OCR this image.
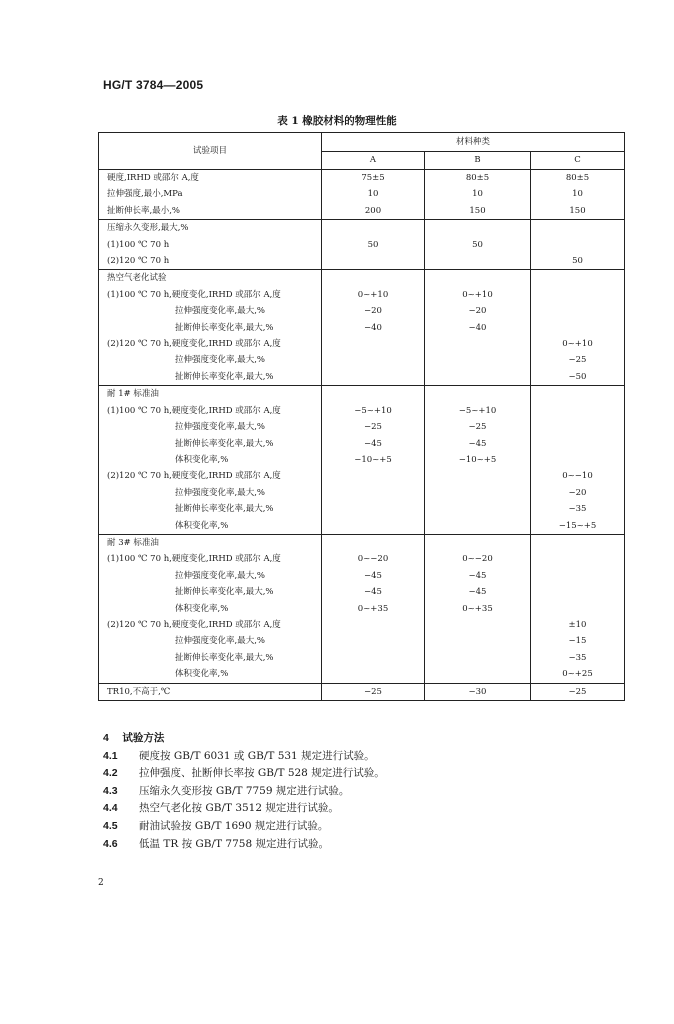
HG/T 3784—2005
表 1 橡胶材料的物理性能
试验项目	材料种类		
	A	B	C
硬度,IRHD 或邵尔 A,度	75±5	80±5	80±5
拉伸强度,最小,MPa	10	10	10
扯断伸长率,最小,%	200	150	150
压缩永久变形,最大,%			
(1)100 ℃ 70 h	50	50	
(2)120 ℃ 70 h			50
热空气老化试验			
(1)100 ℃ 70 h,硬度变化,IRHD 或邵尔 A,度	0~+10	0~+10	
拉伸强度变化率,最大,%	−20	−20	
扯断伸长率变化率,最大,%	−40	−40	
(2)120 ℃ 70 h,硬度变化,IRHD 或邵尔 A,度			0~+10
拉伸强度变化率,最大,%			−25
扯断伸长率变化率,最大,%			−50
耐 1# 标准油			
(1)100 ℃ 70 h,硬度变化,IRHD 或邵尔 A,度	−5~+10	−5~+10	
拉伸强度变化率,最大,%	−25	−25	
扯断伸长率变化率,最大,%	−45	−45	
体积变化率,%	−10~+5	−10~+5	
(2)120 ℃ 70 h,硬度变化,IRHD 或邵尔 A,度			0~−10
拉伸强度变化率,最大,%			−20
扯断伸长率变化率,最大,%			−35
体积变化率,%			−15~+5
耐 3# 标准油			
(1)100 ℃ 70 h,硬度变化,IRHD 或邵尔 A,度	0~−20	0~−20	
拉伸强度变化率,最大,%	−45	−45	
扯断伸长率变化率,最大,%	−45	−45	
体积变化率,%	0~+35	0~+35	
(2)120 ℃ 70 h,硬度变化,IRHD 或邵尔 A,度			±10
拉伸强度变化率,最大,%			−15
扯断伸长率变化率,最大,%			−35
体积变化率,%			0~+25
TR10,不高于,℃	−25	−30	−25
4 试验方法
4.1 硬度按 GB/T 6031 或 GB/T 531 规定进行试验。
4.2 拉伸强度、扯断伸长率按 GB/T 528 规定进行试验。
4.3 压缩永久变形按 GB/T 7759 规定进行试验。
4.4 热空气老化按 GB/T 3512 规定进行试验。
4.5 耐油试验按 GB/T 1690 规定进行试验。
4.6 低温 TR 按 GB/T 7758 规定进行试验。
2
